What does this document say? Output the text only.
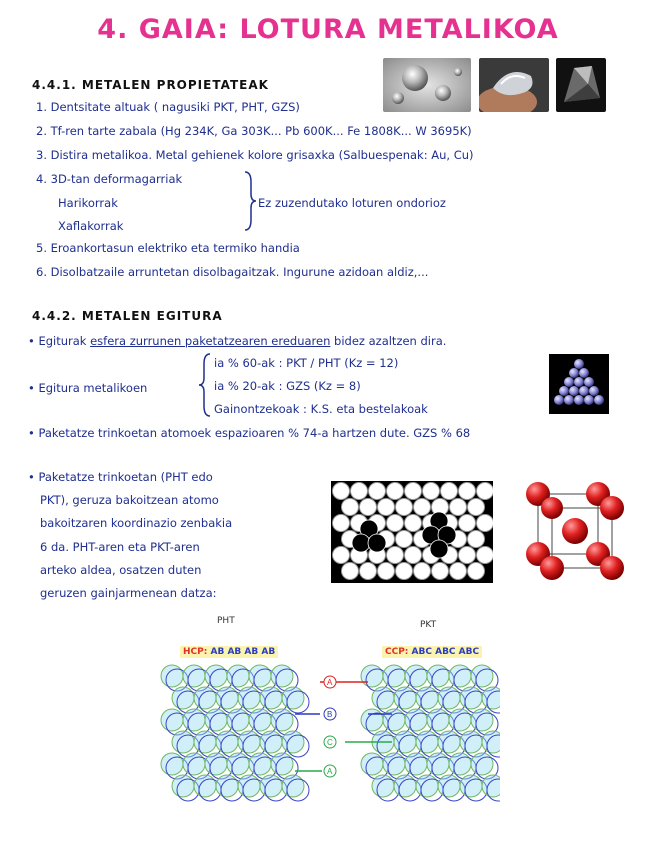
4. GAIA: LOTURA METALIKOA
4.4.1. METALEN PROPIETATEAK
1. Dentsitate altuak ( nagusiki PKT, PHT, GZS)
2. Tf-ren tarte zabala (Hg 234K, Ga 303K... Pb 600K... Fe 1808K... W 3695K)
3. Distira metalikoa. Metal gehienek kolore grisaxka (Salbuespenak: Au, Cu)
4. 3D-tan deformagarriak
Harikorrak
Xaflakorrak
Ez zuzendutako loturen ondorioz
5. Eroankortasun elektriko eta termiko handia
6. Disolbatzaile arruntetan disolbagaitzak. Ingurune azidoan aldiz,...
4.4.2. METALEN EGITURA
• Egiturak esfera zurrunen paketatzearen ereduaren bidez azaltzen dira.
• Egitura metalikoen
ia % 60-ak : PKT / PHT (Kz = 12)
ia % 20-ak : GZS (Kz = 8)
Gainontzekoak : K.S. eta bestelakoak
• Paketatze trinkoetan atomoek espazioaren % 74-a hartzen dute. GZS % 68
• Paketatze trinkoetan (PHT edo
PKT), geruza bakoitzean atomo
bakoitzaren koordinazio zenbakia
6 da. PHT-aren eta PKT-aren
arteko aldea, osatzen duten
geruzen gainjarmenean datza:
PHT	PKT
HCP: AB AB AB AB	CCP: ABC ABC ABC
A
B
C
A
